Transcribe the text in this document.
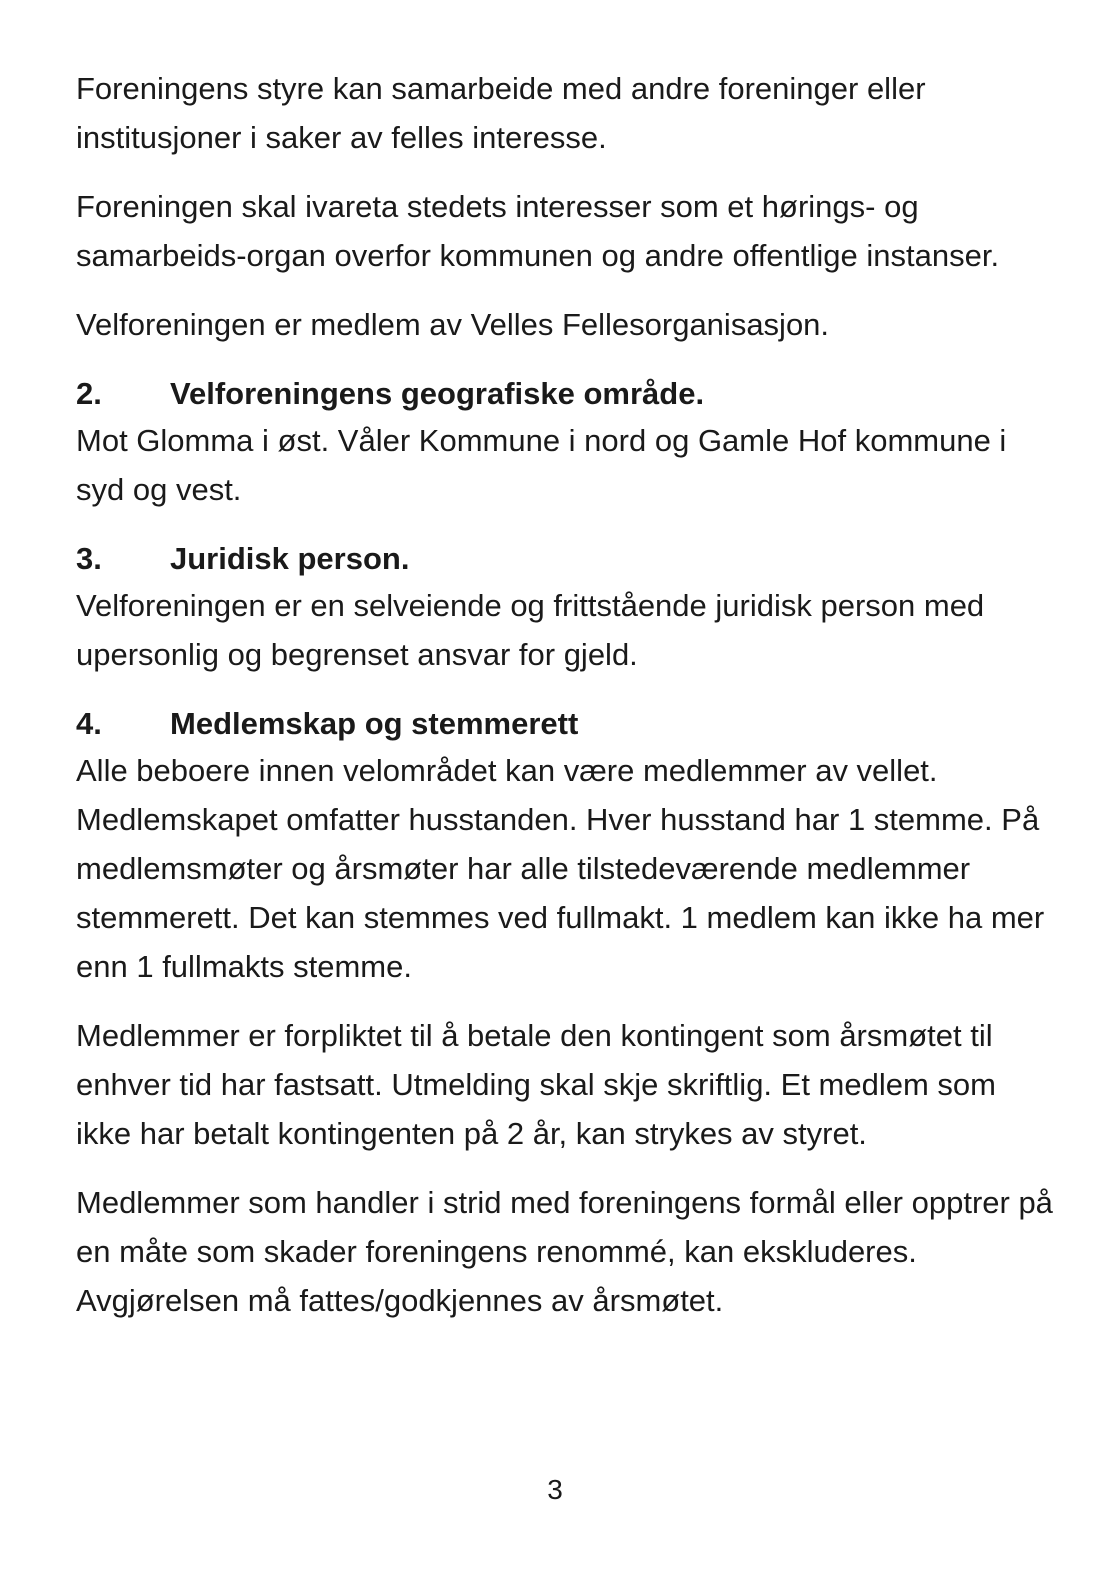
Foreningens styre kan samarbeide med andre foreninger eller institusjoner i saker av felles interesse.

Foreningen skal ivareta stedets interesser som et hørings- og samarbeids-organ overfor kommunen og andre offentlige instanser.

Velforeningen er medlem av Velles Fellesorganisasjon.

2.	Velforeningens geografiske område.

Mot Glomma i øst. Våler Kommune i nord og Gamle Hof kommune i syd og vest.

3.	Juridisk person.

Velforeningen er en selveiende og frittstående juridisk person med upersonlig og begrenset ansvar for gjeld.

4.	Medlemskap og stemmerett

Alle beboere innen velområdet kan være medlemmer av vellet. Medlemskapet omfatter husstanden. Hver husstand har 1 stemme. På medlemsmøter og årsmøter har alle tilstedeværende medlemmer stemmerett. Det kan stemmes ved fullmakt. 1 medlem kan ikke ha mer enn 1 fullmakts stemme.

Medlemmer er forpliktet til å betale den kontingent som årsmøtet til enhver tid har fastsatt. Utmelding skal skje skriftlig. Et medlem som ikke har betalt kontingenten på 2 år, kan strykes av styret.

Medlemmer som handler i strid med foreningens formål eller opptrer på en måte som skader foreningens renommé, kan ekskluderes. Avgjørelsen må fattes/godkjennes av årsmøtet.

3
